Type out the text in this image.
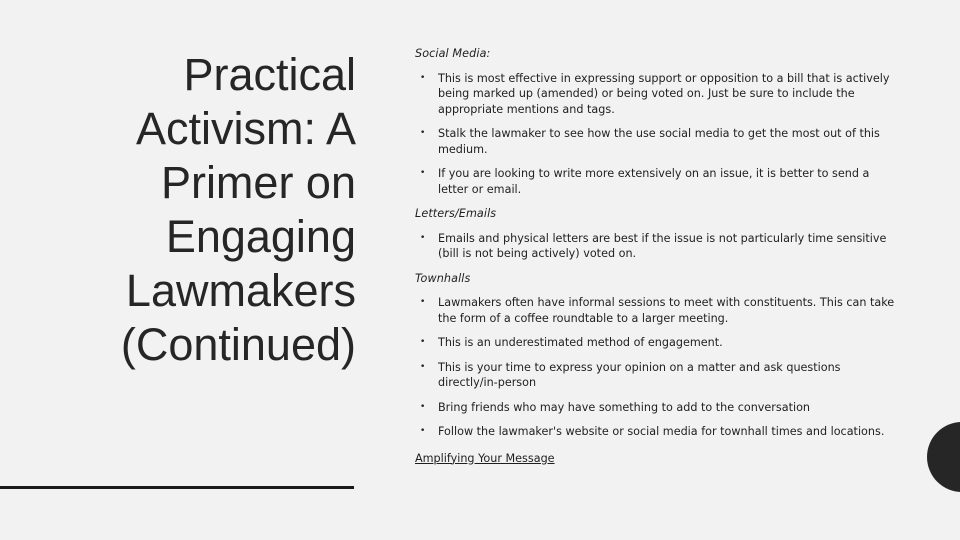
Practical
Activism: A
Primer on
Engaging
Lawmakers
(Continued)
Social Media:
• This is most effective in expressing support or opposition to a bill that is actively being marked up (amended) or being voted on. Just be sure to include the appropriate mentions and tags.
• Stalk the lawmaker to see how the use social media to get the most out of this medium.
• If you are looking to write more extensively on an issue, it is better to send a letter or email.
Letters/Emails
• Emails and physical letters are best if the issue is not particularly time sensitive (bill is not being actively) voted on.
Townhalls
• Lawmakers often have informal sessions to meet with constituents. This can take the form of a coffee roundtable to a larger meeting.
• This is an underestimated method of engagement.
• This is your time to express your opinion on a matter and ask questions directly/in-person
• Bring friends who may have something to add to the conversation
• Follow the lawmaker's website or social media for townhall times and locations.
Amplifying Your Message
